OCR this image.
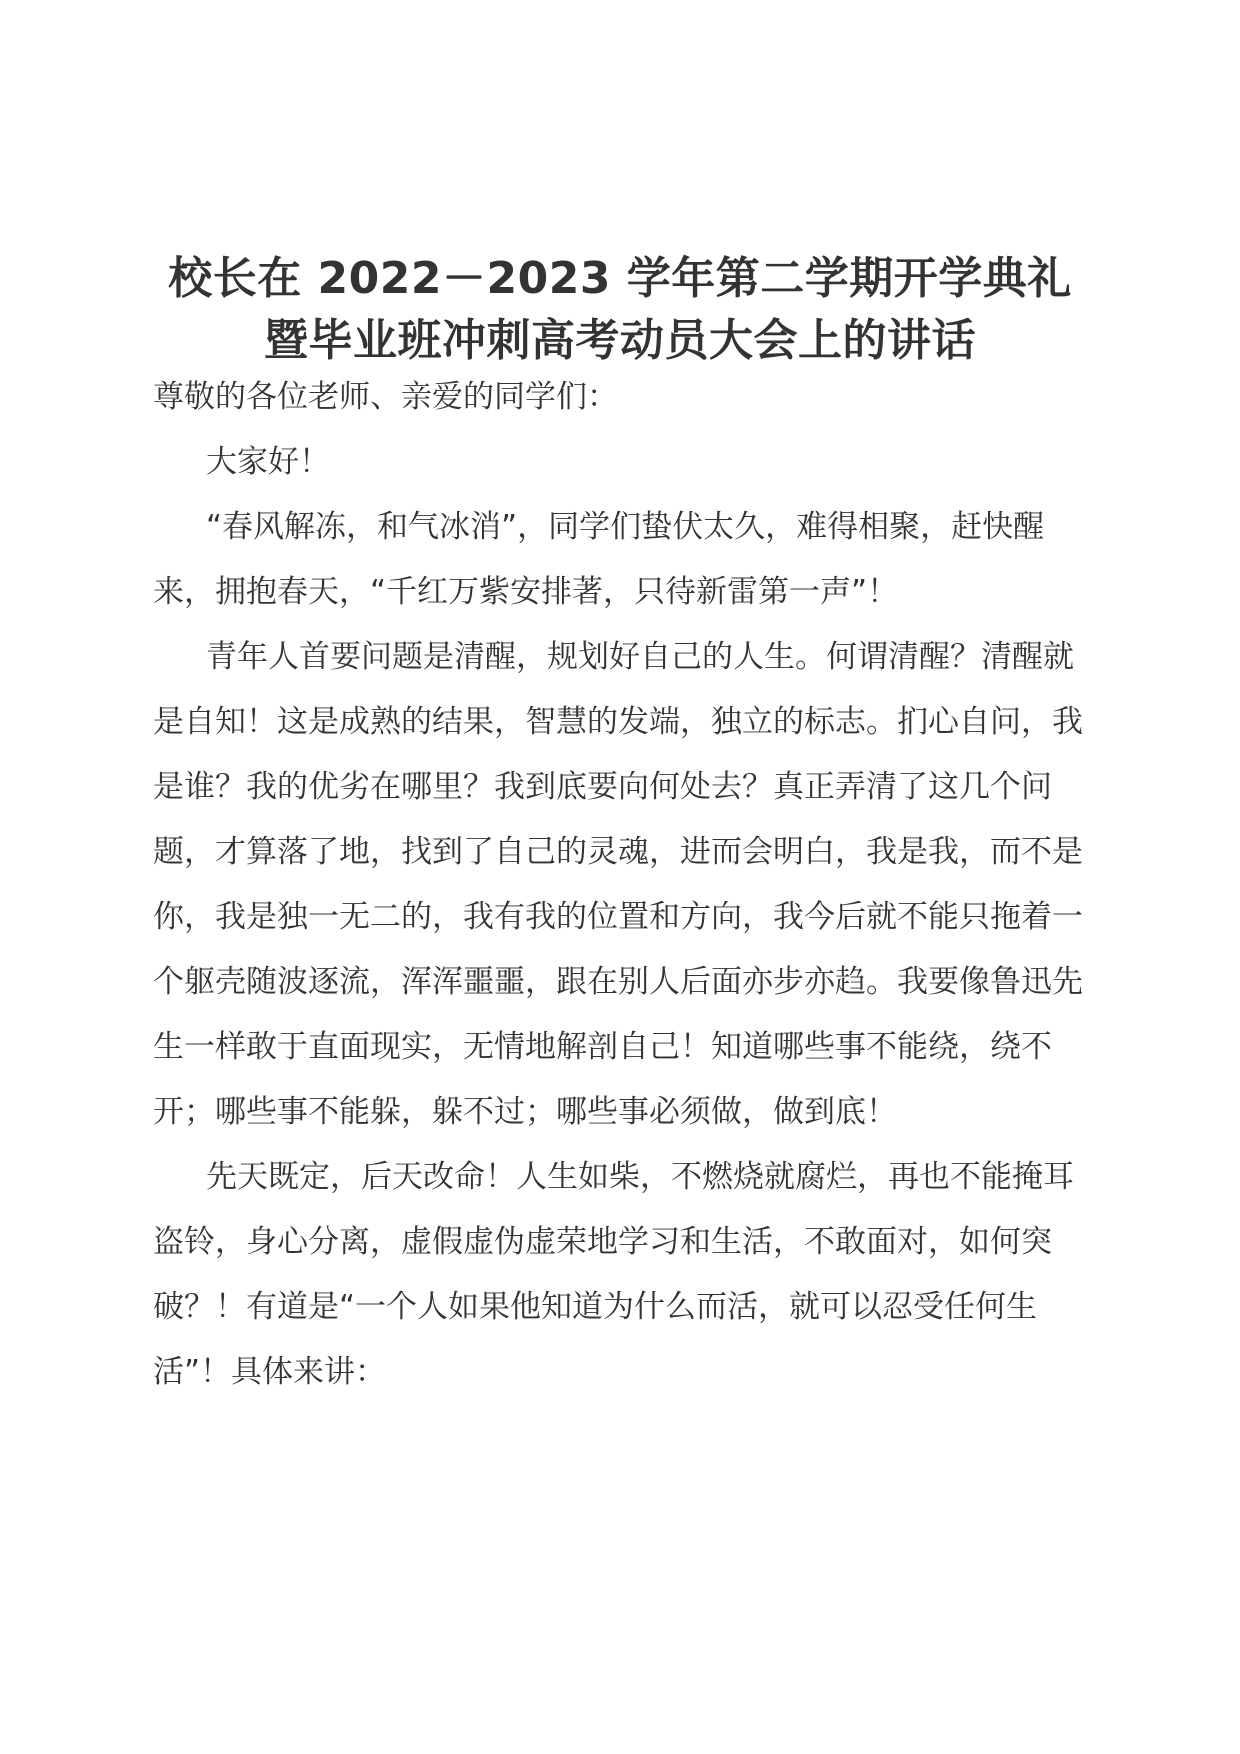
校长在 2022－2023 学年第二学期开学典礼
暨毕业班冲刺高考动员大会上的讲话

尊敬的各位老师、亲爱的同学们：

大家好！

“春风解冻，和气冰消”，同学们蛰伏太久，难得相聚，赶快醒来，拥抱春天，“千红万紫安排著，只待新雷第一声”！

青年人首要问题是清醒，规划好自己的人生。何谓清醒？清醒就是自知！这是成熟的结果，智慧的发端，独立的标志。扪心自问，我是谁？我的优劣在哪里？我到底要向何处去？真正弄清了这几个问题，才算落了地，找到了自己的灵魂，进而会明白，我是我，而不是你，我是独一无二的，我有我的位置和方向，我今后就不能只拖着一个躯壳随波逐流，浑浑噩噩，跟在别人后面亦步亦趋。我要像鲁迅先生一样敢于直面现实，无情地解剖自己！知道哪些事不能绕，绕不开；哪些事不能躲，躲不过；哪些事必须做，做到底！

先天既定，后天改命！人生如柴，不燃烧就腐烂，再也不能掩耳盗铃，身心分离，虚假虚伪虚荣地学习和生活，不敢面对，如何突破？！有道是“一个人如果他知道为什么而活，就可以忍受任何生活”！具体来讲：
